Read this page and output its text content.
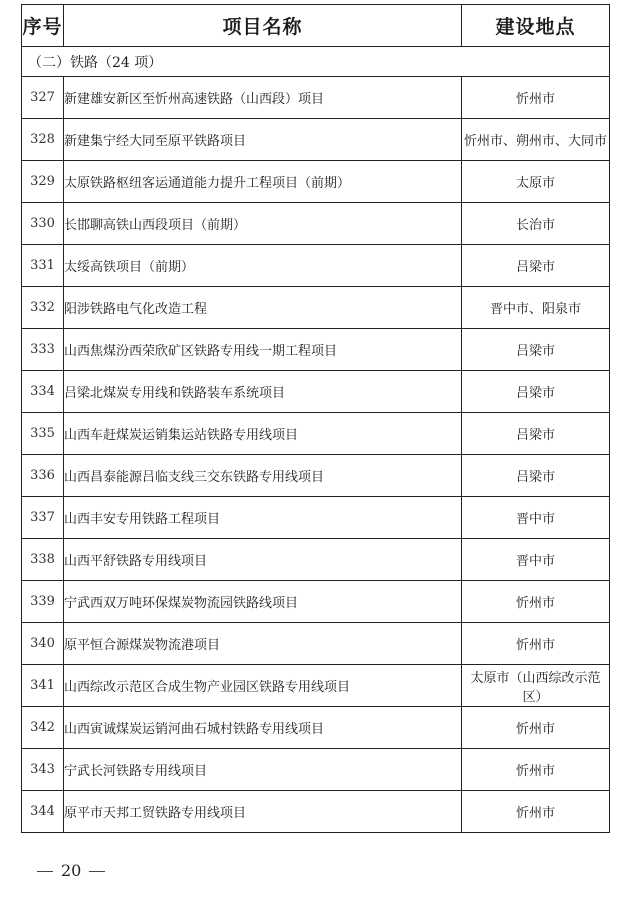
序号	项目名称	建设地点
（二）铁路（24 项）		
327	新建雄安新区至忻州高速铁路（山西段）项目	忻州市
328	新建集宁经大同至原平铁路项目	忻州市、朔州市、大同市
329	太原铁路枢纽客运通道能力提升工程项目（前期）	太原市
330	长邯聊高铁山西段项目（前期）	长治市
331	太绥高铁项目（前期）	吕梁市
332	阳涉铁路电气化改造工程	晋中市、阳泉市
333	山西焦煤汾西荣欣矿区铁路专用线一期工程项目	吕梁市
334	吕梁北煤炭专用线和铁路装车系统项目	吕梁市
335	山西车赶煤炭运销集运站铁路专用线项目	吕梁市
336	山西昌泰能源吕临支线三交东铁路专用线项目	吕梁市
337	山西丰安专用铁路工程项目	晋中市
338	山西平舒铁路专用线项目	晋中市
339	宁武西双万吨环保煤炭物流园铁路线项目	忻州市
340	原平恒合源煤炭物流港项目	忻州市
341	山西综改示范区合成生物产业园区铁路专用线项目	太原市（山西综改示范区）
342	山西寅诚煤炭运销河曲石城村铁路专用线项目	忻州市
343	宁武长河铁路专用线项目	忻州市
344	原平市天邦工贸铁路专用线项目	忻州市
20
